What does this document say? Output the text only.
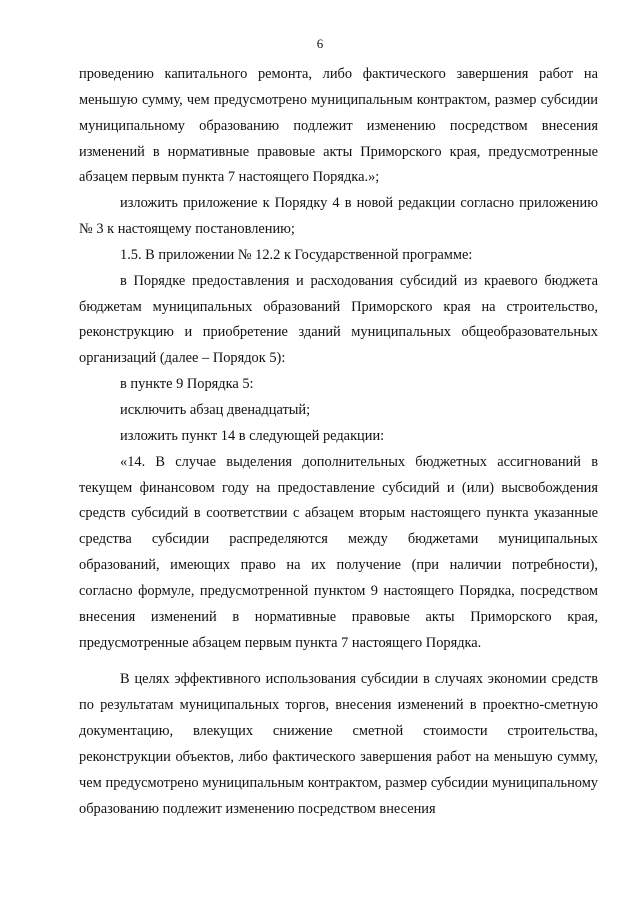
6

проведению капитального ремонта, либо фактического завершения работ на меньшую сумму, чем предусмотрено муниципальным контрактом, размер субсидии муниципальному образованию подлежит изменению посредством внесения изменений в нормативные правовые акты Приморского края, предусмотренные абзацем первым пункта 7 настоящего Порядка.»;

изложить приложение к Порядку 4 в новой редакции согласно приложению № 3 к настоящему постановлению;

1.5. В приложении № 12.2 к Государственной программе:

в Порядке предоставления и расходования субсидий из краевого бюджета бюджетам муниципальных образований Приморского края на строительство, реконструкцию и приобретение зданий муниципальных общеобразовательных организаций (далее – Порядок 5):

в пункте 9 Порядка 5:

исключить абзац двенадцатый;

изложить пункт 14 в следующей редакции:

«14. В случае выделения дополнительных бюджетных ассигнований в текущем финансовом году на предоставление субсидий и (или) высвобождения средств субсидий в соответствии с абзацем вторым настоящего пункта указанные средства субсидии распределяются между бюджетами муниципальных образований, имеющих право на их получение (при наличии потребности), согласно формуле, предусмотренной пунктом 9 настоящего Порядка, посредством внесения изменений в нормативные правовые акты Приморского края, предусмотренные абзацем первым пункта 7 настоящего Порядка.

В целях эффективного использования субсидии в случаях экономии средств по результатам муниципальных торгов, внесения изменений в проектно-сметную документацию, влекущих снижение сметной стоимости строительства, реконструкции объектов, либо фактического завершения работ на меньшую сумму, чем предусмотрено муниципальным контрактом, размер субсидии муниципальному образованию подлежит изменению посредством внесения
